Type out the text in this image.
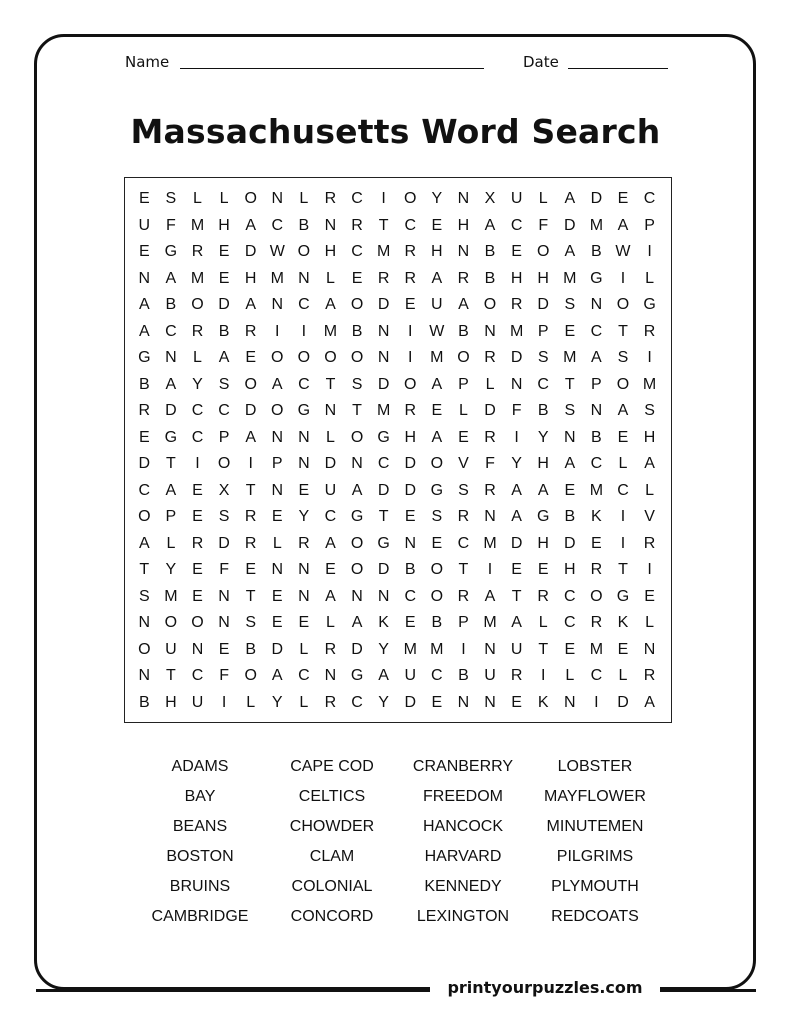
Name	Date
Massachusetts Word Search
E S	L	L O N	L	R C	I	O Y N X U	L	A D E C
U F M H A C B N R T C E H A C F D M A P
E G R E D W O H C M R H N B E O A B W	I
N A M E H M N	L	E R R A R B H H M G	I	L
A B O D A N C A O D E U A O R D S N O G
A C R B R	I	I	M B N	I	W B N M P E C T R
G N	L	A E O O O O N	I	M O R D S M A S	I
B A Y S O A C T	S D O A P	L	N C T	P O M
R D C C D O G N T M R E	L	D F	B S N A S
E G C P A N N	L O G H A E R	I	Y N B E H
D T	I	O	I	P N D N C D O V	F	Y H A C	L	A
C A E X	T N E U A D D G S R A A E M C	L
O P E S R E Y C G T	E S R N A G B K	I	V
A	L	R D R	L	R A O G N E C M D H D E	I	R
T	Y E	F	E N N E O D B O T	I	E E H R T	I
S M E N T	E N A N N C O R A	T R C O G E
N O O N S E E	L	A K E B P M A	L	C R K	L
O U N E B D	L	R D Y M M	I	N U T	E M E N
N T C F O A C N G A U C B U R	I	L	C	L	R
B H U	I	L	Y	L	R C Y D E N N E K N	I	D A
ADAMS
BAY
BEANS
BOSTON
BRUINS
CAMBRIDGE
CAPE COD
CELTICS
CHOWDER
CLAM
COLONIAL
CONCORD
CRANBERRY
FREEDOM
HANCOCK
HARVARD
KENNEDY
LEXINGTON
LOBSTER
MAYFLOWER
MINUTEMEN
PILGRIMS
PLYMOUTH
REDCOATS
printyourpuzzles.com
